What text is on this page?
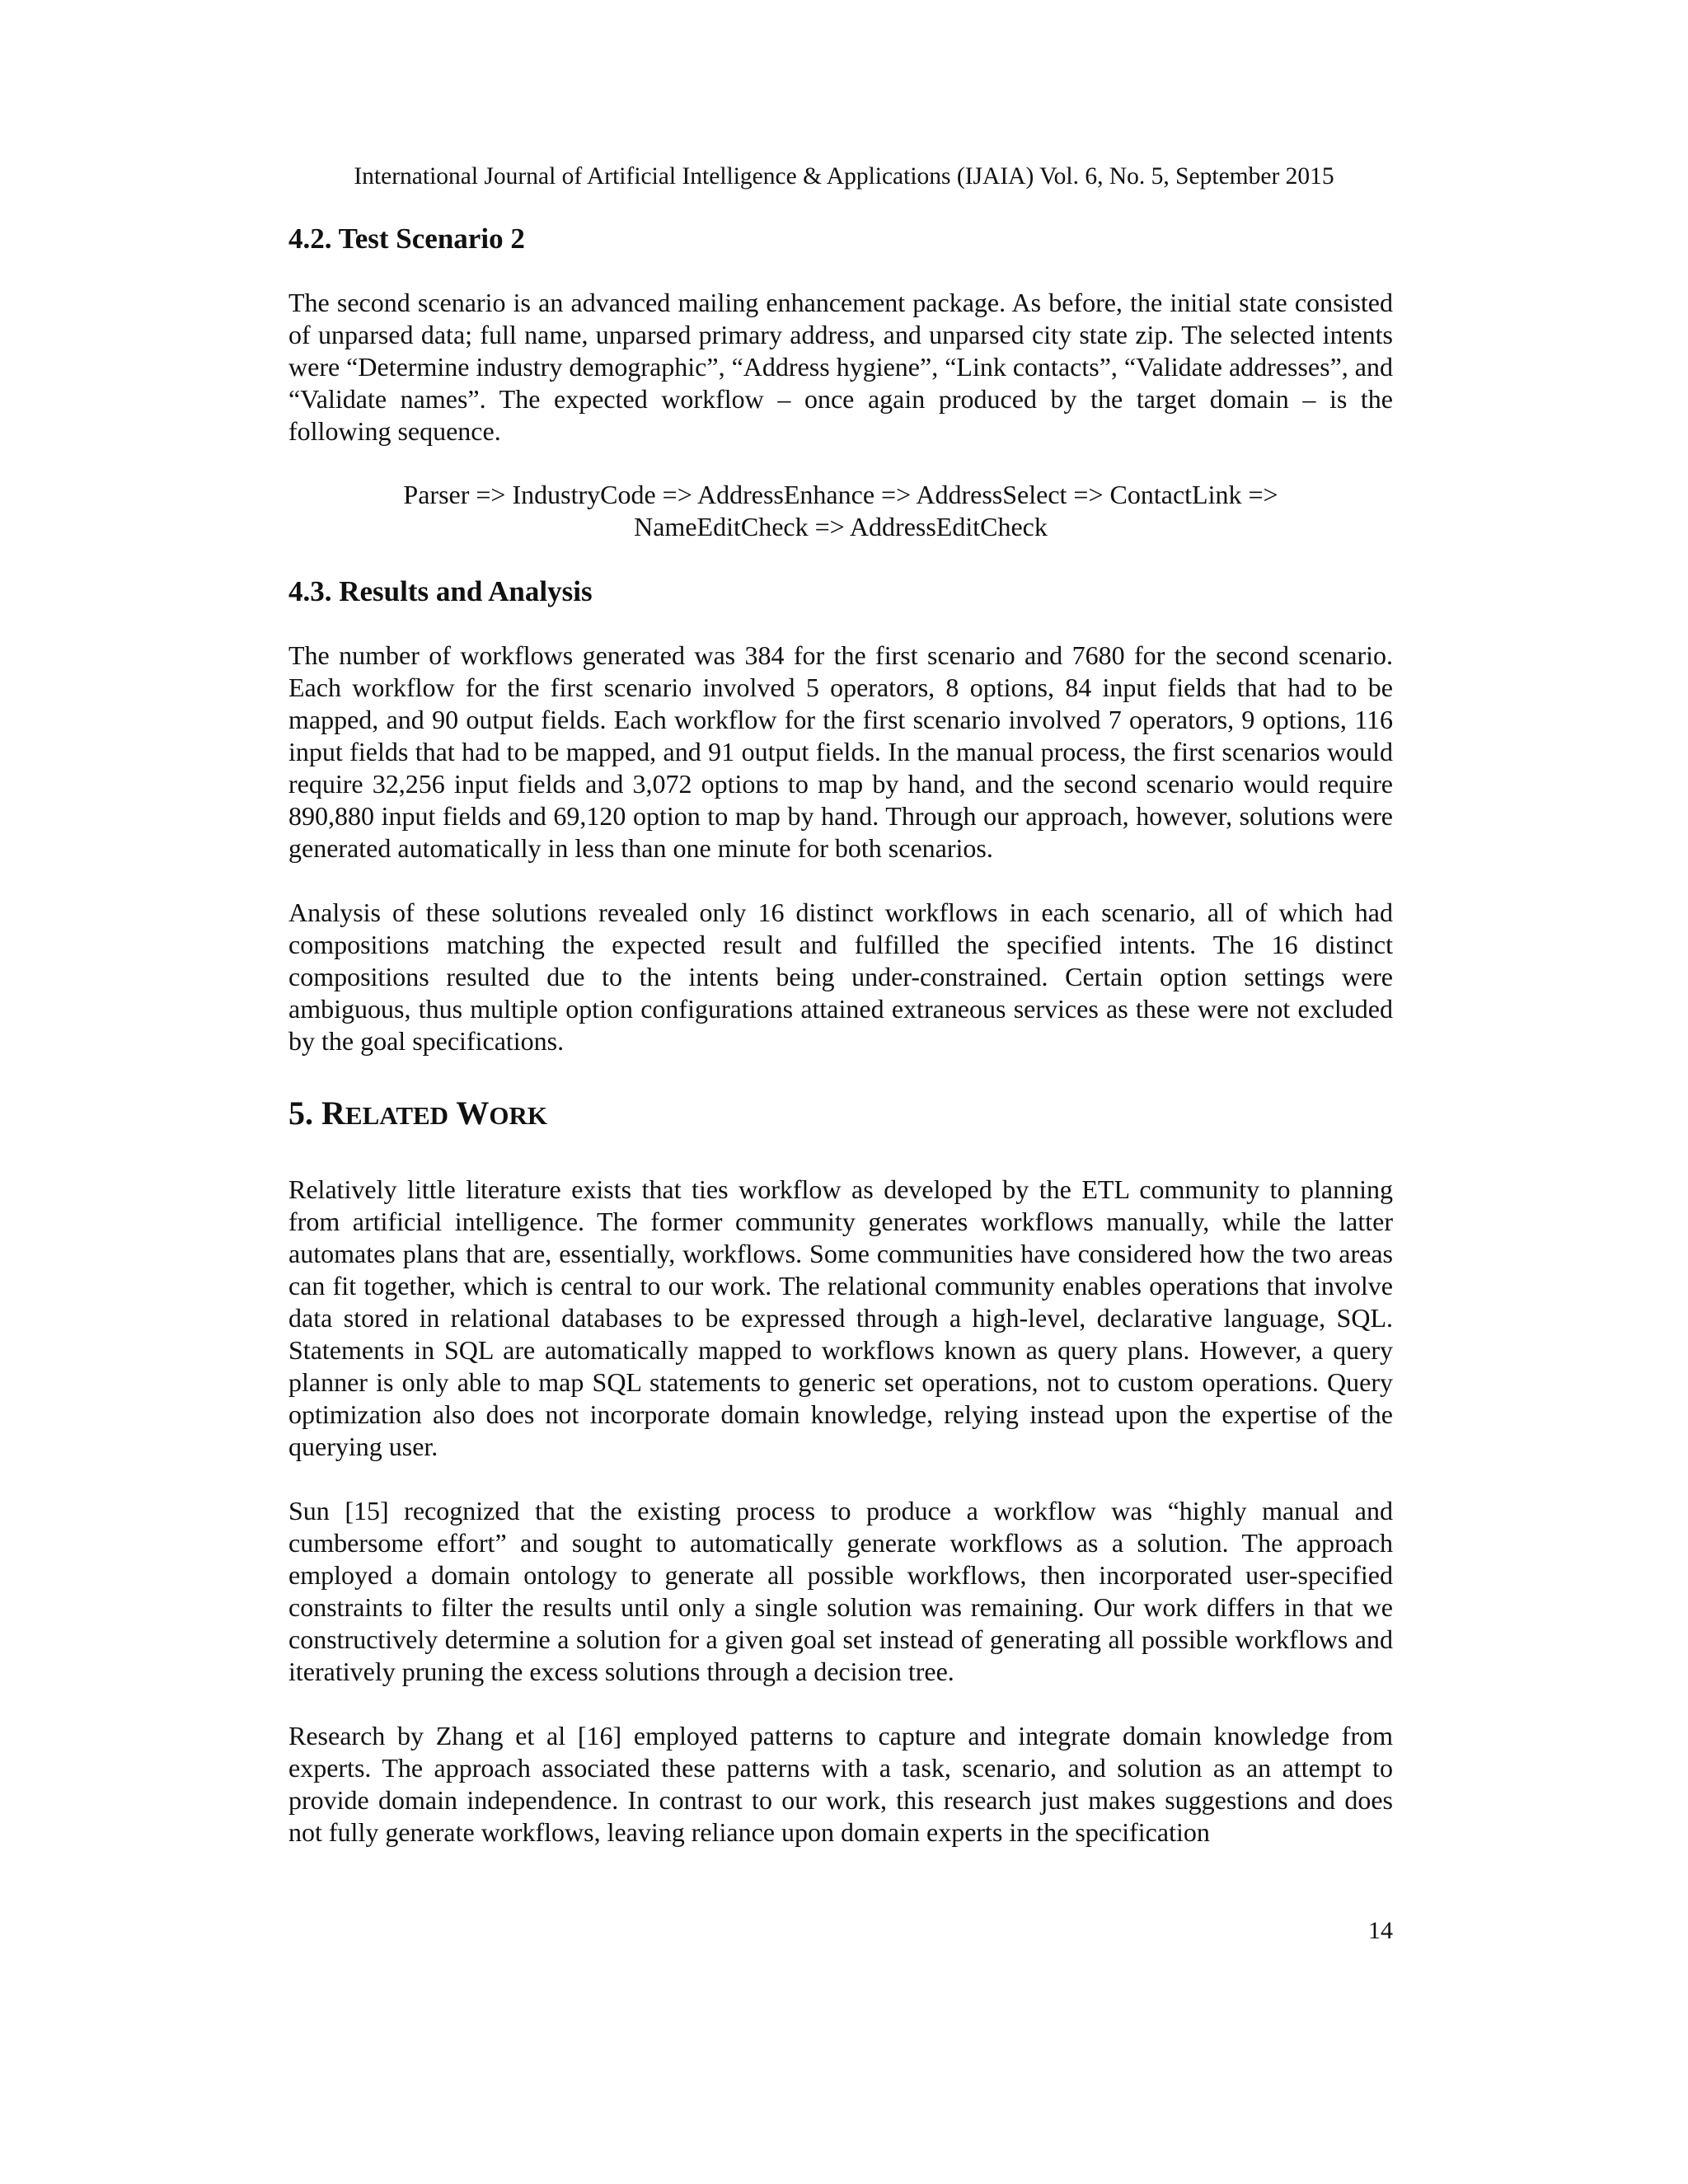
International Journal of Artificial Intelligence & Applications (IJAIA) Vol. 6, No. 5, September 2015
4.2. Test Scenario 2

The second scenario is an advanced mailing enhancement package. As before, the initial state consisted of unparsed data; full name, unparsed primary address, and unparsed city state zip. The selected intents were “Determine industry demographic”, “Address hygiene”, “Link contacts”, “Validate addresses”, and “Validate names”. The expected workflow – once again produced by the target domain – is the following sequence.

Parser => IndustryCode => AddressEnhance => AddressSelect => ContactLink =>

NameEditCheck => AddressEditCheck

4.3. Results and Analysis

The number of workflows generated was 384 for the first scenario and 7680 for the second scenario. Each workflow for the first scenario involved 5 operators, 8 options, 84 input fields that had to be mapped, and 90 output fields. Each workflow for the first scenario involved 7 operators, 9 options, 116 input fields that had to be mapped, and 91 output fields. In the manual process, the first scenarios would require 32,256 input fields and 3,072 options to map by hand, and the second scenario would require 890,880 input fields and 69,120 option to map by hand. Through our approach, however, solutions were generated automatically in less than one minute for both scenarios.

Analysis of these solutions revealed only 16 distinct workflows in each scenario, all of which had compositions matching the expected result and fulfilled the specified intents. The 16 distinct compositions resulted due to the intents being under-constrained. Certain option settings were ambiguous, thus multiple option configurations attained extraneous services as these were not excluded by the goal specifications.

5. RELATED WORK

Relatively little literature exists that ties workflow as developed by the ETL community to planning from artificial intelligence. The former community generates workflows manually, while the latter automates plans that are, essentially, workflows. Some communities have considered how the two areas can fit together, which is central to our work. The relational community enables operations that involve data stored in relational databases to be expressed through a high-level, declarative language, SQL. Statements in SQL are automatically mapped to workflows known as query plans. However, a query planner is only able to map SQL statements to generic set operations, not to custom operations. Query optimization also does not incorporate domain knowledge, relying instead upon the expertise of the querying user.

Sun [15] recognized that the existing process to produce a workflow was “highly manual and cumbersome effort” and sought to automatically generate workflows as a solution. The approach employed a domain ontology to generate all possible workflows, then incorporated user-specified constraints to filter the results until only a single solution was remaining. Our work differs in that we constructively determine a solution for a given goal set instead of generating all possible workflows and iteratively pruning the excess solutions through a decision tree.

Research by Zhang et al [16] employed patterns to capture and integrate domain knowledge from experts. The approach associated these patterns with a task, scenario, and solution as an attempt to provide domain independence. In contrast to our work, this research just makes suggestions and does not fully generate workflows, leaving reliance upon domain experts in the specification

14
